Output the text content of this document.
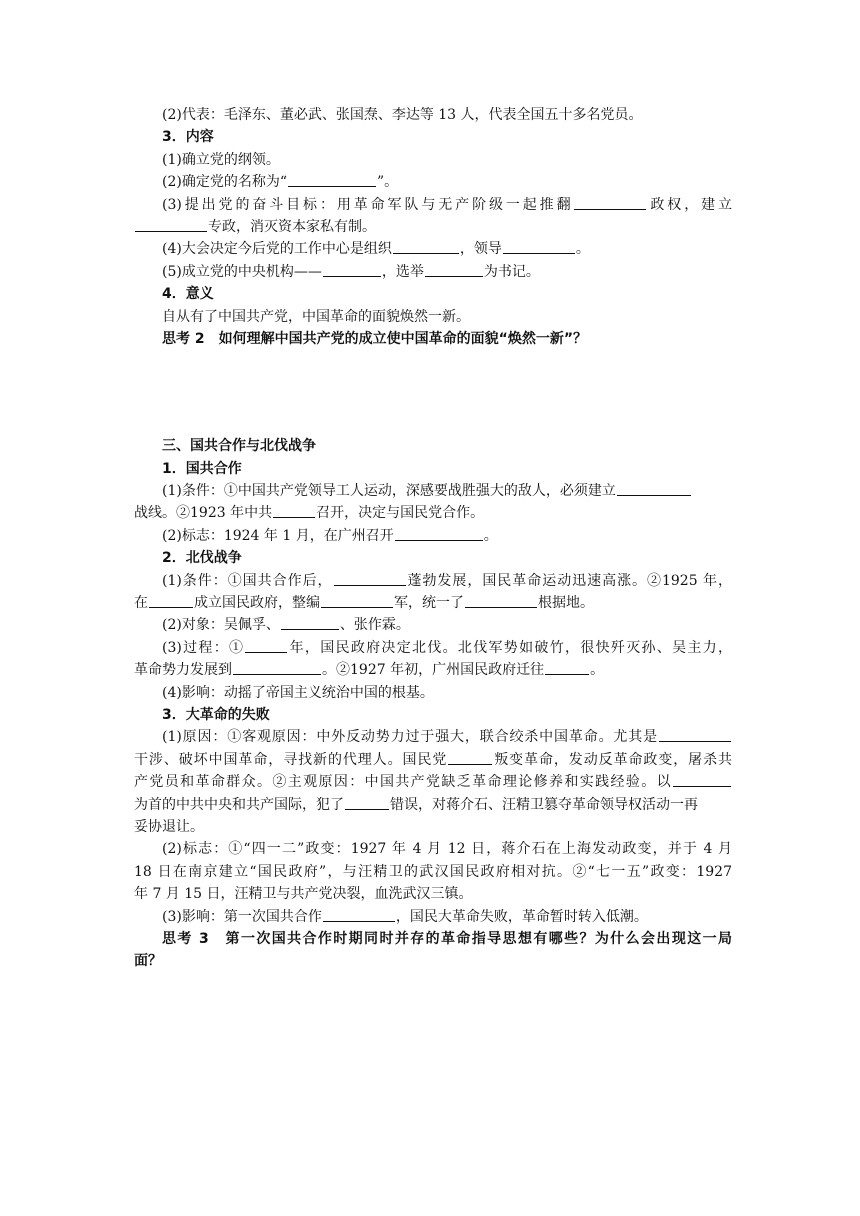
(2)代表：毛泽东、董必武、张国焘、李达等 13 人，代表全国五十多名党员。
3．内容
(1)确立党的纲领。
(2)确定党的名称为“	”。
(3)提出党的奋斗目标：用革命军队与无产阶级一起推翻	政权，建立
专政，消灭资本家私有制。
(4)大会决定今后党的工作中心是组织	，领导	。
(5)成立党的中央机构——	，选举	为书记。
4．意义
自从有了中国共产党，中国革命的面貌焕然一新。
思考 2　如何理解中国共产党的成立使中国革命的面貌“焕然一新”？
三、国共合作与北伐战争
1．国共合作
(1)条件：①中国共产党领导工人运动，深感要战胜强大的敌人，必须建立
战线。②1923 年中共	召开，决定与国民党合作。
(2)标志：1924 年 1 月，在广州召开	。
2．北伐战争
(1)条件：①国共合作后，	蓬勃发展，国民革命运动迅速高涨。②1925 年，
在	成立国民政府，整编	军，统一了	根据地。
(2)对象：吴佩孚、	、张作霖。
(3)过程：①	年，国民政府决定北伐。北伐军势如破竹，很快歼灭孙、吴主力，
革命势力发展到	。②1927 年初，广州国民政府迁往	。
(4)影响：动摇了帝国主义统治中国的根基。
3．大革命的失败
(1)原因：①客观原因：中外反动势力过于强大，联合绞杀中国革命。尤其是
干涉、破坏中国革命，寻找新的代理人。国民党	叛变革命，发动反革命政变，屠杀共
产党员和革命群众。②主观原因：中国共产党缺乏革命理论修养和实践经验。以
为首的中共中央和共产国际，犯了	错误，对蒋介石、汪精卫篡夺革命领导权活动一再
妥协退让。
(2)标志：①“四一二”政变：1927 年 4 月 12 日，蒋介石在上海发动政变，并于 4 月
18 日在南京建立“国民政府”，与汪精卫的武汉国民政府相对抗。②“七一五”政变：1927
年 7 月 15 日，汪精卫与共产党决裂，血洗武汉三镇。
(3)影响：第一次国共合作	，国民大革命失败，革命暂时转入低潮。
思考 3　第一次国共合作时期同时并存的革命指导思想有哪些？为什么会出现这一局
面？
